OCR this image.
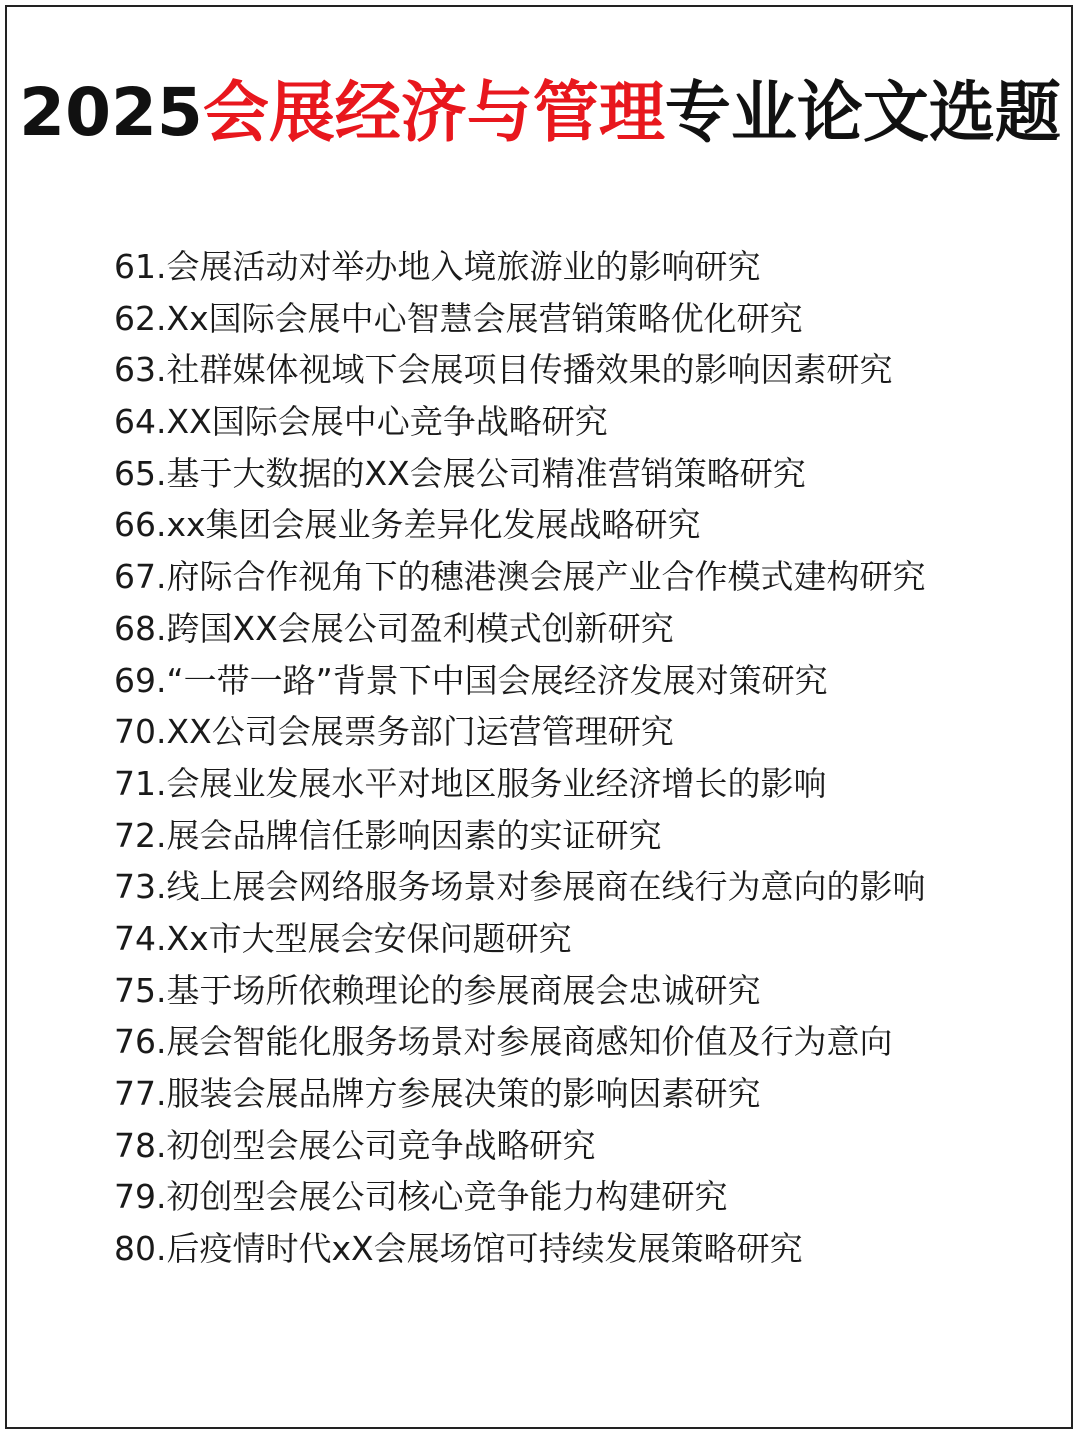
2025会展经济与管理专业论文选题
61.会展活动对举办地入境旅游业的影响研究
62.Xx国际会展中心智慧会展营销策略优化研究
63.社群媒体视域下会展项目传播效果的影响因素研究
64.XX国际会展中心竞争战略研究
65.基于大数据的XX会展公司精准营销策略研究
66.xx集团会展业务差异化发展战略研究
67.府际合作视角下的穗港澳会展产业合作模式建构研究
68.跨国XX会展公司盈利模式创新研究
69.“一带一路”背景下中国会展经济发展对策研究
70.XX公司会展票务部门运营管理研究
71.会展业发展水平对地区服务业经济增长的影响
72.展会品牌信任影响因素的实证研究
73.线上展会网络服务场景对参展商在线行为意向的影响
74.Xx市大型展会安保问题研究
75.基于场所依赖理论的参展商展会忠诚研究
76.展会智能化服务场景对参展商感知价值及行为意向
77.服装会展品牌方参展决策的影响因素研究
78.初创型会展公司竞争战略研究
79.初创型会展公司核心竞争能力构建研究
80.后疫情时代xX会展场馆可持续发展策略研究
